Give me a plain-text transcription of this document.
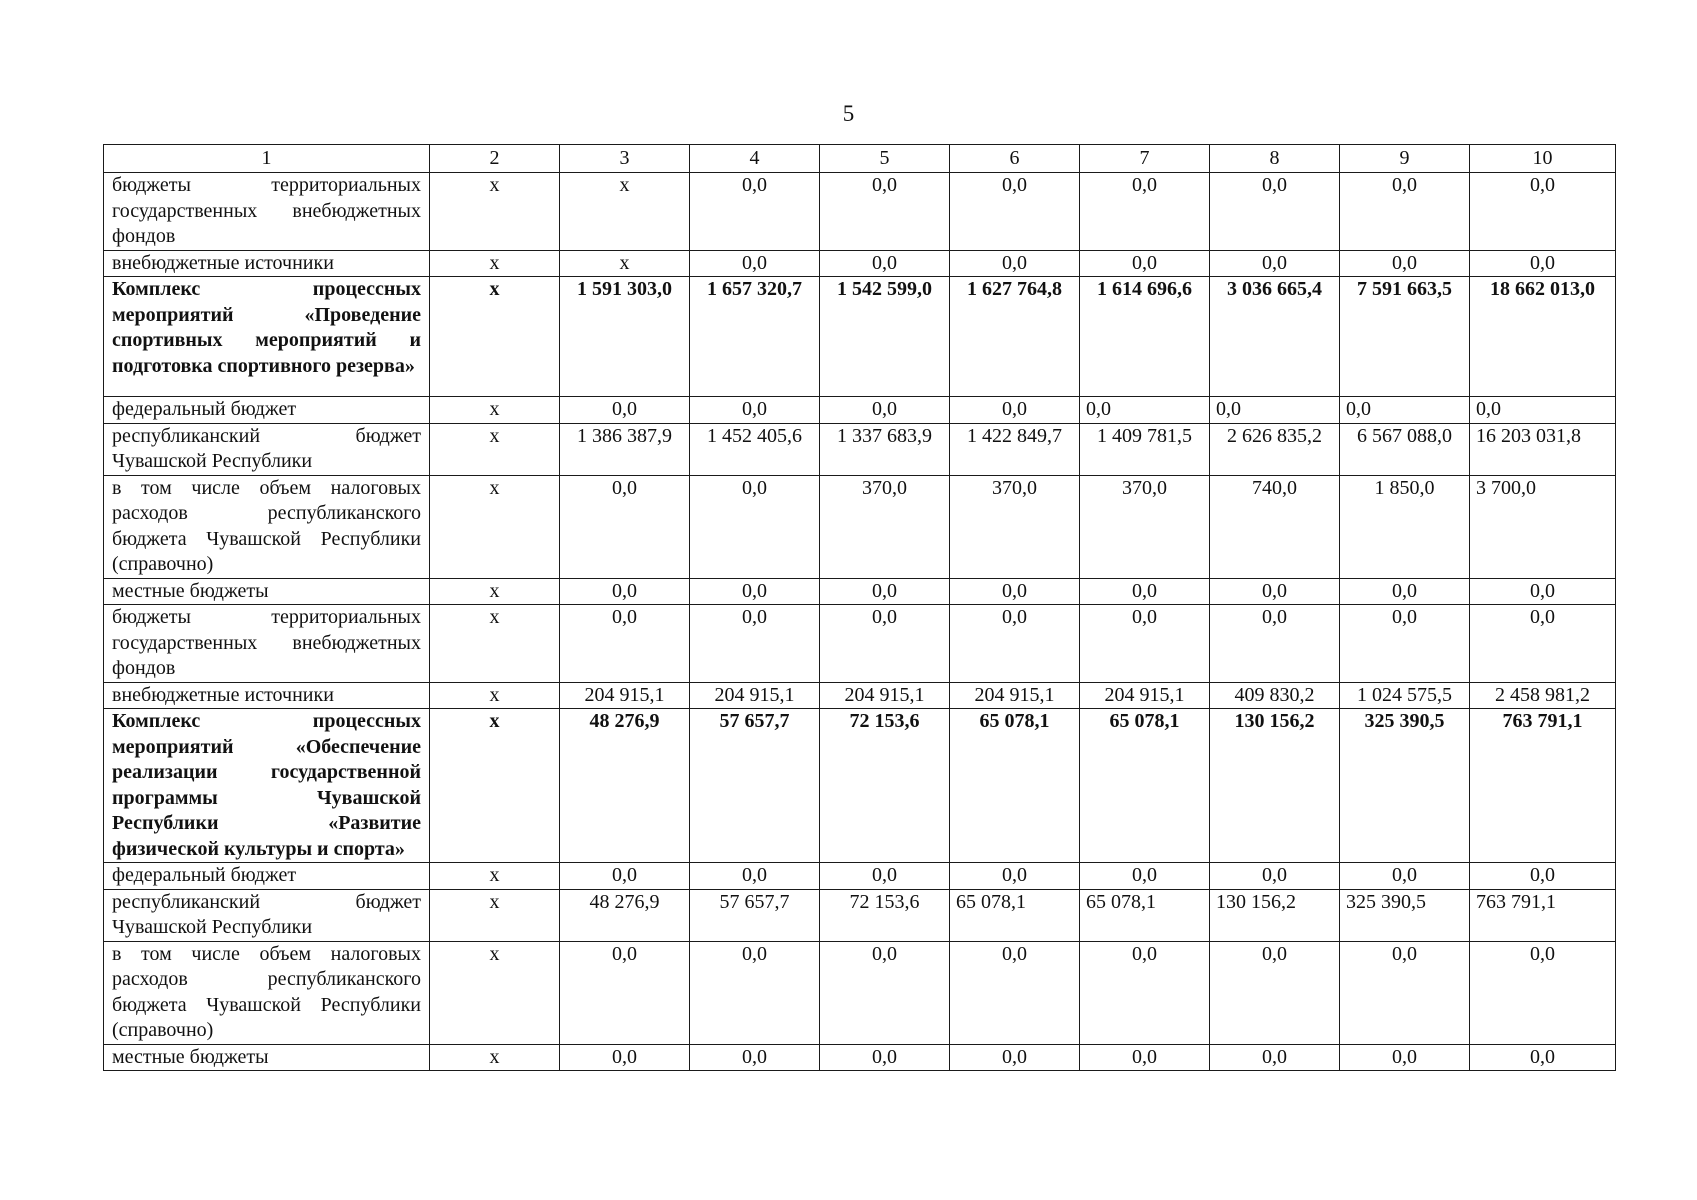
5
1	2	3	4	5	6	7	8	9	10
бюджеты территориальных государственных внебюджетных фондов	х	х	0,0	0,0	0,0	0,0	0,0	0,0	0,0
внебюджетные источники	х	х	0,0	0,0	0,0	0,0	0,0	0,0	0,0
Комплекс процессных мероприятий «Проведение спортивных мероприятий и подготовка спортивного резерва»	х	1 591 303,0	1 657 320,7	1 542 599,0	1 627 764,8	1 614 696,6	3 036 665,4	7 591 663,5	18 662 013,0
федеральный бюджет	х	0,0	0,0	0,0	0,0	0,0	0,0	0,0	0,0
республиканский бюджет Чувашской Республики	х	1 386 387,9	1 452 405,6	1 337 683,9	1 422 849,7	1 409 781,5	2 626 835,2	6 567 088,0	16 203 031,8
в том числе объем налоговых расходов республиканского бюджета Чувашской Республики (справочно)	х	0,0	0,0	370,0	370,0	370,0	740,0	1 850,0	3 700,0
местные бюджеты	х	0,0	0,0	0,0	0,0	0,0	0,0	0,0	0,0
бюджеты территориальных государственных внебюджетных фондов	х	0,0	0,0	0,0	0,0	0,0	0,0	0,0	0,0
внебюджетные источники	х	204 915,1	204 915,1	204 915,1	204 915,1	204 915,1	409 830,2	1 024 575,5	2 458 981,2
Комплекс процессных мероприятий «Обеспечение реализации государственной программы Чувашской Республики «Развитие физической культуры и спорта»	х	48 276,9	57 657,7	72 153,6	65 078,1	65 078,1	130 156,2	325 390,5	763 791,1
федеральный бюджет	х	0,0	0,0	0,0	0,0	0,0	0,0	0,0	0,0
республиканский бюджет Чувашской Республики	х	48 276,9	57 657,7	72 153,6	65 078,1	65 078,1	130 156,2	325 390,5	763 791,1
в том числе объем налоговых расходов республиканского бюджета Чувашской Республики (справочно)	х	0,0	0,0	0,0	0,0	0,0	0,0	0,0	0,0
местные бюджеты	х	0,0	0,0	0,0	0,0	0,0	0,0	0,0	0,0
